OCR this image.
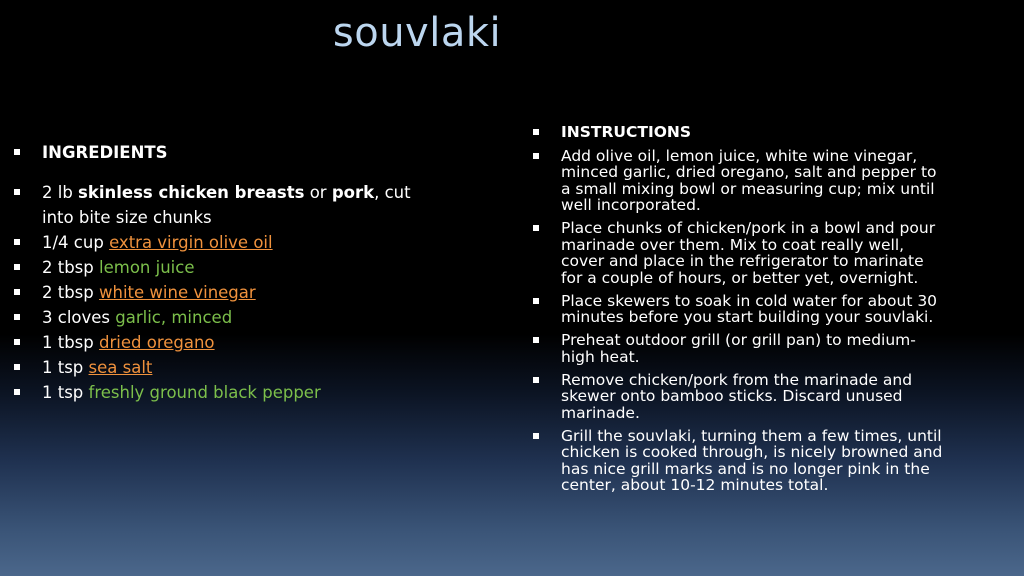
souvlaki
INGREDIENTS
2 lb skinless chicken breasts or pork, cut into bite size chunks
1/4 cup extra virgin olive oil
2 tbsp lemon juice
2 tbsp white wine vinegar
3 cloves garlic, minced
1 tbsp dried oregano
1 tsp sea salt
1 tsp freshly ground black pepper
INSTRUCTIONS
Add olive oil, lemon juice, white wine vinegar, minced garlic, dried oregano, salt and pepper to a small mixing bowl or measuring cup; mix until well incorporated.
Place chunks of chicken/pork in a bowl and pour marinade over them. Mix to coat really well, cover and place in the refrigerator to marinate for a couple of hours, or better yet, overnight.
Place skewers to soak in cold water for about 30 minutes before you start building your souvlaki.
Preheat outdoor grill (or grill pan) to medium-high heat.
Remove chicken/pork from the marinade and skewer onto bamboo sticks. Discard unused marinade.
Grill the souvlaki, turning them a few times, until chicken is cooked through, is nicely browned and has nice grill marks and is no longer pink in the center, about 10-12 minutes total.
